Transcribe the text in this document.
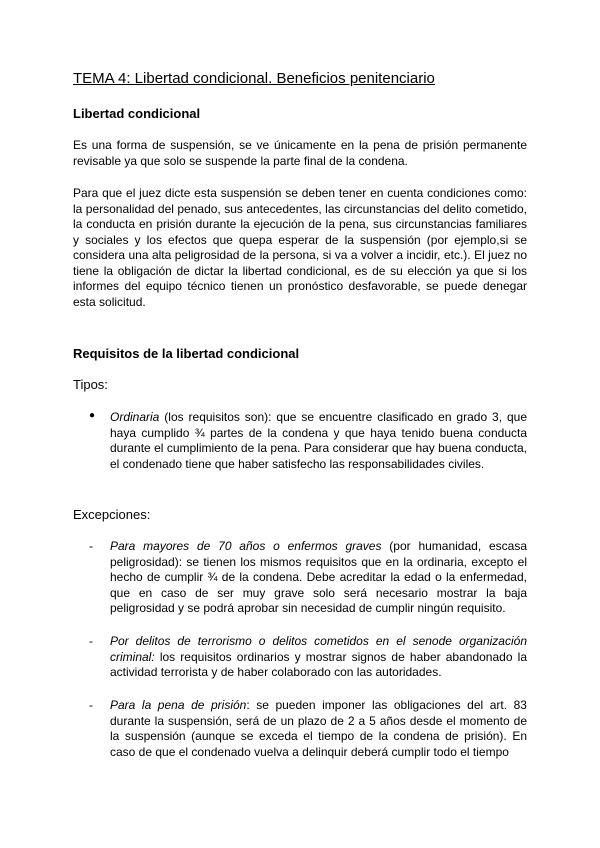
TEMA 4: Libertad condicional. Beneficios penitenciario
Libertad condicional
Es una forma de suspensión, se ve únicamente en la pena de prisión permanente revisable ya que solo se suspende la parte final de la condena.
Para que el juez dicte esta suspensión se deben tener en cuenta condiciones como: la personalidad del penado, sus antecedentes, las circunstancias del delito cometido, la conducta en prisión durante la ejecución de la pena, sus circunstancias familiares y sociales y los efectos que quepa esperar de la suspensión (por ejemplo,si se considera una alta peligrosidad de la persona, si va a volver a incidir, etc.). El juez no tiene la obligación de dictar la libertad condicional, es de su elección ya que si los informes del equipo técnico tienen un pronóstico desfavorable, se puede denegar esta solicitud.
Requisitos de la libertad condicional
Tipos:
● Ordinaria (los requisitos son): que se encuentre clasificado en grado 3, que haya cumplido ¾ partes de la condena y que haya tenido buena conducta durante el cumplimiento de la pena. Para considerar que hay buena conducta, el condenado tiene que haber satisfecho las responsabilidades civiles.
Excepciones:
- Para mayores de 70 años o enfermos graves (por humanidad, escasa peligrosidad): se tienen los mismos requisitos que en la ordinaria, excepto el hecho de cumplir ¾ de la condena. Debe acreditar la edad o la enfermedad, que en caso de ser muy grave solo será necesario mostrar la baja peligrosidad y se podrá aprobar sin necesidad de cumplir ningún requisito.
- Por delitos de terrorismo o delitos cometidos en el senode organización criminal: los requisitos ordinarios y mostrar signos de haber abandonado la actividad terrorista y de haber colaborado con las autoridades.
- Para la pena de prisión: se pueden imponer las obligaciones del art. 83 durante la suspensión, será de un plazo de 2 a 5 años desde el momento de la suspensión (aunque se exceda el tiempo de la condena de prisión). En caso de que el condenado vuelva a delinquir deberá cumplir todo el tiempo
